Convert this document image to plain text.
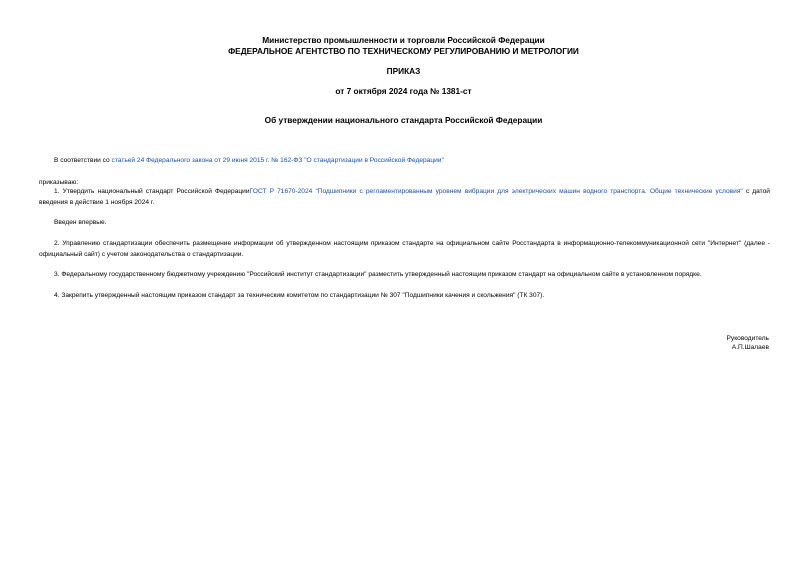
Министерство промышленности и торговли Российской Федерации
ФЕДЕРАЛЬНОЕ АГЕНТСТВО ПО ТЕХНИЧЕСКОМУ РЕГУЛИРОВАНИЮ И МЕТРОЛОГИИ
ПРИКАЗ
от 7 октября 2024 года № 1381-ст
Об утверждении национального стандарта Российской Федерации
В соответствии со статьей 24 Федерального закона от 29 июня 2015 г. № 162-ФЗ "О стандартизации в Российской Федерации"
приказываю:
1. Утвердить национальный стандарт Российской ФедерацииГОСТ Р 71670-2024 "Подшипники с регламентированным уровнем вибрации для электрических машин водного транспорта. Общие технические условия" с датой введения в действие 1 ноября 2024 г.
Введен впервые.
2. Управлению стандартизации обеспечить размещение информации об утвержденном настоящим приказом стандарте на официальном сайте Росстандарта в информационно-телекоммуникационной сети "Интернет" (далее - официальный сайт) с учетом законодательства о стандартизации.
3. Федеральному государственному бюджетному учреждению "Российский институт стандартизации" разместить утвержденный настоящим приказом стандарт на официальном сайте в установленном порядке.
4. Закрепить утвержденный настоящим приказом стандарт за техническим комитетом по стандартизации № 307 "Подшипники качения и скольжения" (ТК 307).
Руководитель
А.П.Шалаев
